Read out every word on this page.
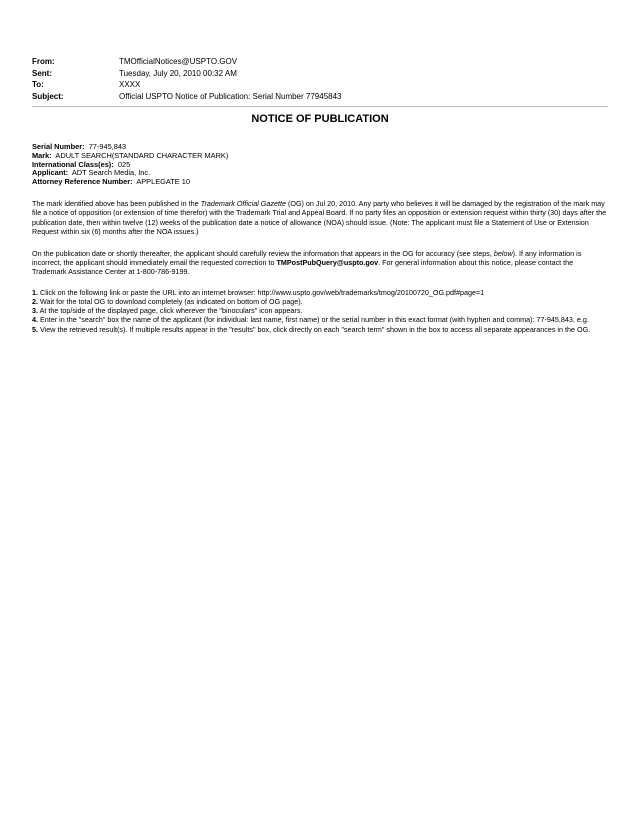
From:	TMOfficialNotices@USPTO.GOV
Sent:	Tuesday, July 20, 2010 00:32 AM
To:	XXXX
Subject:	Official USPTO Notice of Publication: Serial Number 77945843
NOTICE OF PUBLICATION
Serial Number: 77-945,843
Mark: ADULT SEARCH(STANDARD CHARACTER MARK)
International Class(es): 025
Applicant: ADT Search Media, Inc.
Attorney Reference Number: APPLEGATE 10

The mark identified above has been published in the Trademark Official Gazette (OG) on Jul 20, 2010. Any party who believes it will be damaged by the registration of the mark may file a notice of opposition (or extension of time therefor) with the Trademark Trial and Appeal Board. If no party files an opposition or extension request within thirty (30) days after the publication date, then within twelve (12) weeks of the publication date a notice of allowance (NOA) should issue. (Note: The applicant must file a Statement of Use or Extension Request within six (6) months after the NOA issues.)

On the publication date or shortly thereafter, the applicant should carefully review the information that appears in the OG for accuracy (see steps, below). If any information is incorrect, the applicant should immediately email the requested correction to TMPostPubQuery@uspto.gov. For general information about this notice, please contact the Trademark Assistance Center at 1-800-786-9199.

1. Click on the following link or paste the URL into an internet browser: http://www.uspto.gov/web/trademarks/tmog/20100720_OG.pdf#page=1
2. Wait for the total OG to download completely (as indicated on bottom of OG page).
3. At the top/side of the displayed page, click wherever the "binoculars" icon appears.
4. Enter in the "search" box the name of the applicant (for individual: last name, first name) or the serial number in this exact format (with hyphen and comma): 77-945,843, e.g.
5. View the retrieved result(s). If multiple results appear in the "results" box, click directly on each "search term" shown in the box to access all separate appearances in the OG.
